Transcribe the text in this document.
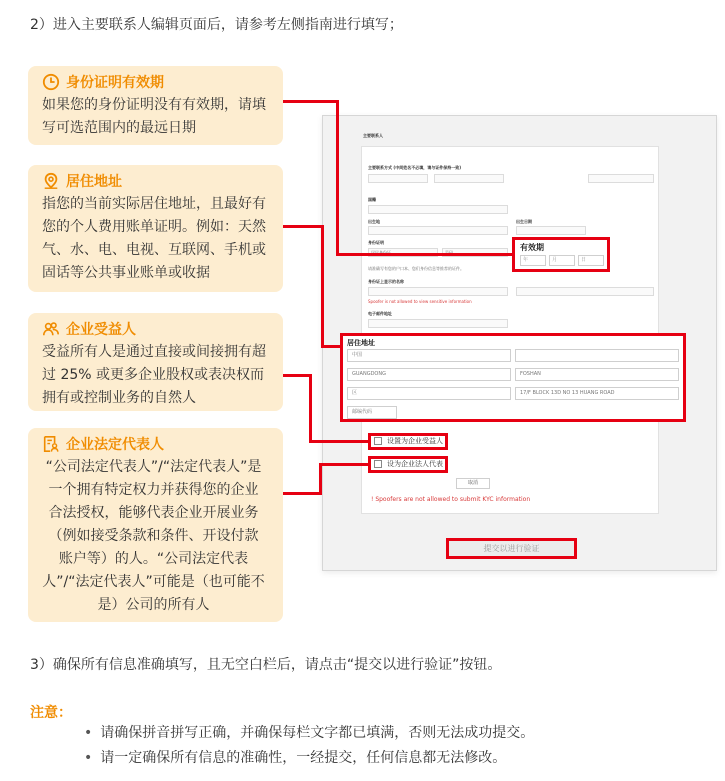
2）进入主要联系人编辑页面后，请参考左侧指南进行填写；
身份证明有效期
如果您的身份证明没有有效期，请填写可选范围内的最远日期
居住地址
指您的当前实际居住地址，且最好有您的个人费用账单证明。例如：天然气、水、电、电视、互联网、手机或固话等公共事业账单或收据
企业受益人
受益所有人是通过直接或间接拥有超过 25% 或更多企业股权或表决权而拥有或控制业务的自然人
企业法定代表人
“公司法定代表人”/“法定代表人”是一个拥有特定权力并获得您的企业合法授权，能够代表企业开展业务（例如接受条款和条件、开设付款账户等）的人。“公司法定代表人”/“法定代表人”可能是（也可能不是）公司的所有人
主要联系人
主要联系方式 (中间姓名不必填，请与证件保持一致)
国籍
出生地	出生日期
身份证明
请准确写有您的户口本、您们身份信息等推荐的证件。
身份证上显示的名称
Spoofer is not allowed to view sensitive information
电子邮件地址
有效期
年	月	日
居住地址
中国
GUANGDONG	FOSHAN
区	17/F BLOCK 13D NO 13 HUANG ROAD
邮编代码
设置为企业受益人
设为企业法人代表
取消
! Spoofers are not allowed to submit KYC information
提交以进行验证
3）确保所有信息准确填写，且无空白栏后，请点击“提交以进行验证”按钮。
注意：
• 请确保拼音拼写正确，并确保每栏文字都已填满，否则无法成功提交。
• 请一定确保所有信息的准确性，一经提交，任何信息都无法修改。
